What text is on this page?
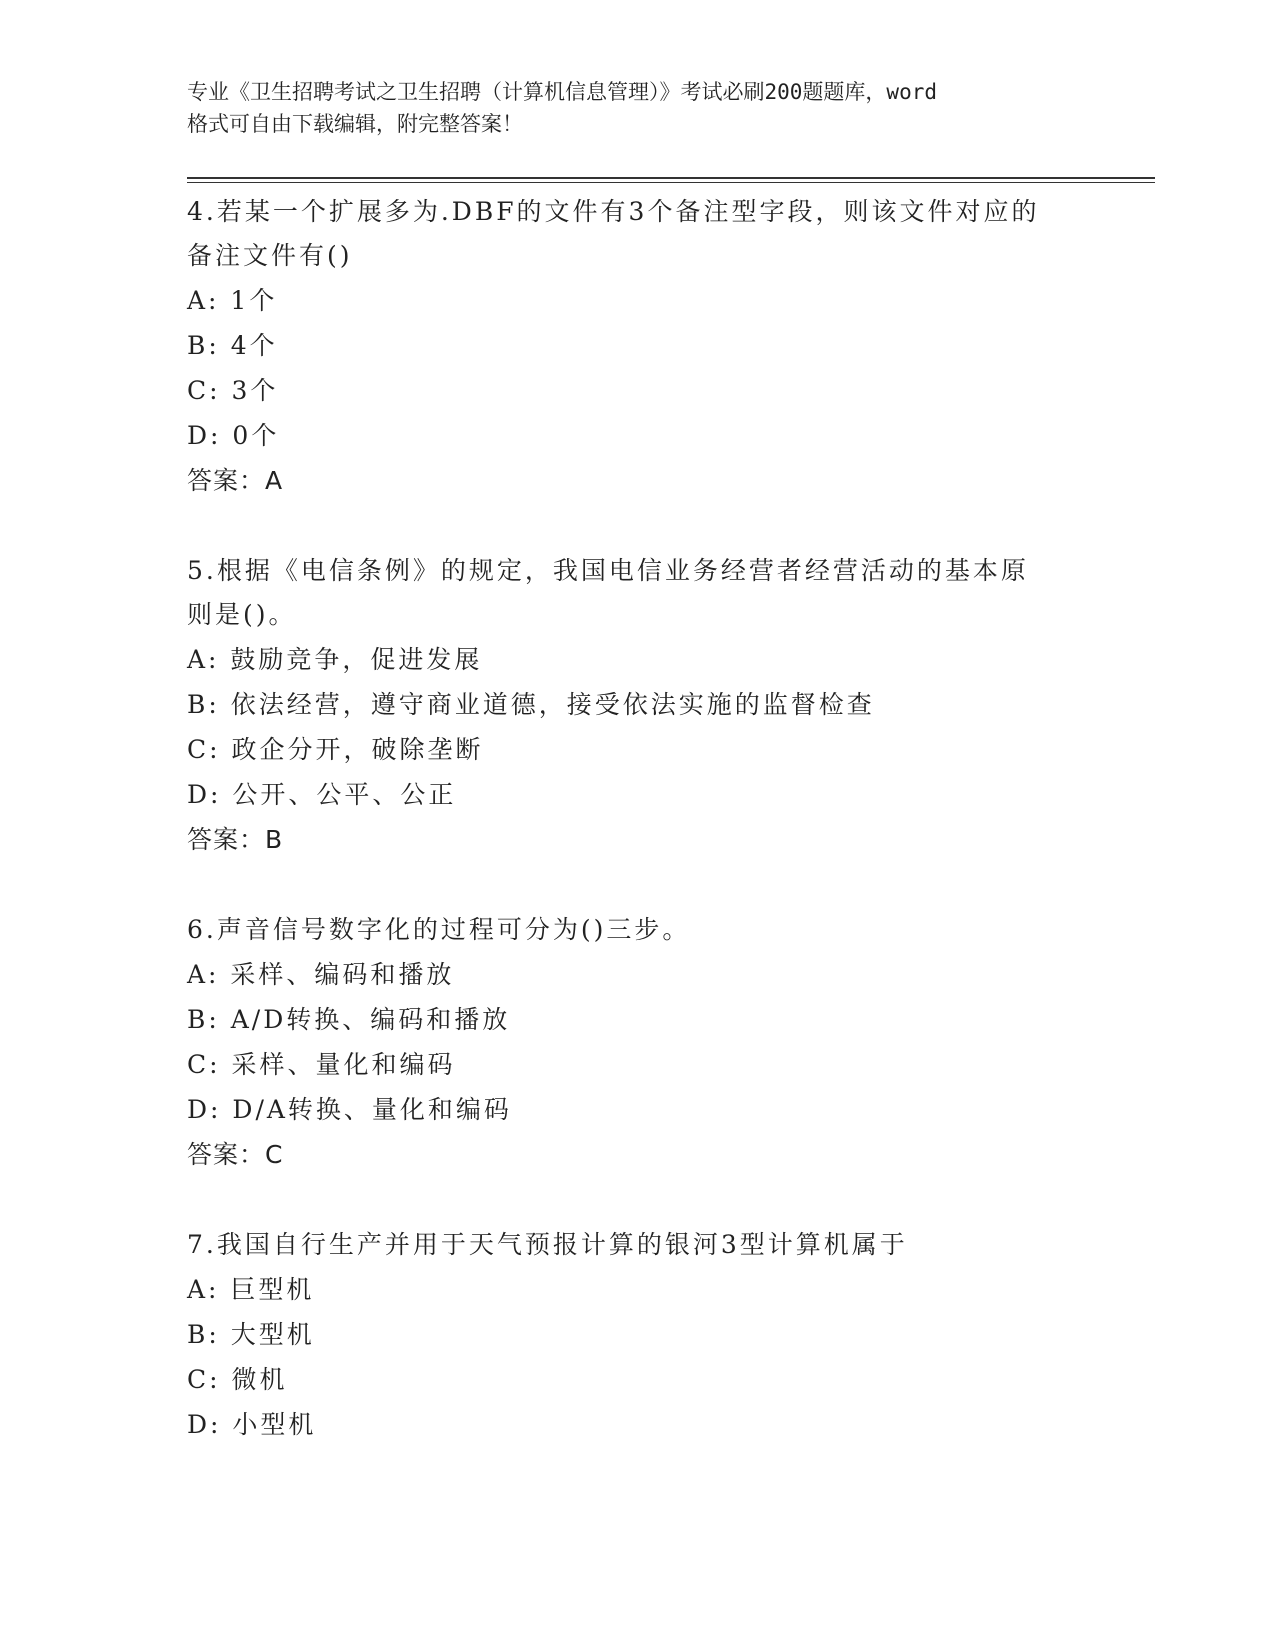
专业《卫生招聘考试之卫生招聘（计算机信息管理）》考试必刷200题题库，word
格式可自由下载编辑，附完整答案！
4.若某一个扩展多为.DBF的文件有3个备注型字段，则该文件对应的
备注文件有()
A: 1个
B: 4个
C: 3个
D: 0个
答案：A
5.根据《电信条例》的规定，我国电信业务经营者经营活动的基本原
则是()。
A: 鼓励竞争，促进发展
B: 依法经营，遵守商业道德，接受依法实施的监督检查
C: 政企分开，破除垄断
D: 公开、公平、公正
答案：B
6.声音信号数字化的过程可分为()三步。
A: 采样、编码和播放
B: A/D转换、编码和播放
C: 采样、量化和编码
D: D/A转换、量化和编码
答案：C
7.我国自行生产并用于天气预报计算的银河3型计算机属于
A: 巨型机
B: 大型机
C: 微机
D: 小型机
